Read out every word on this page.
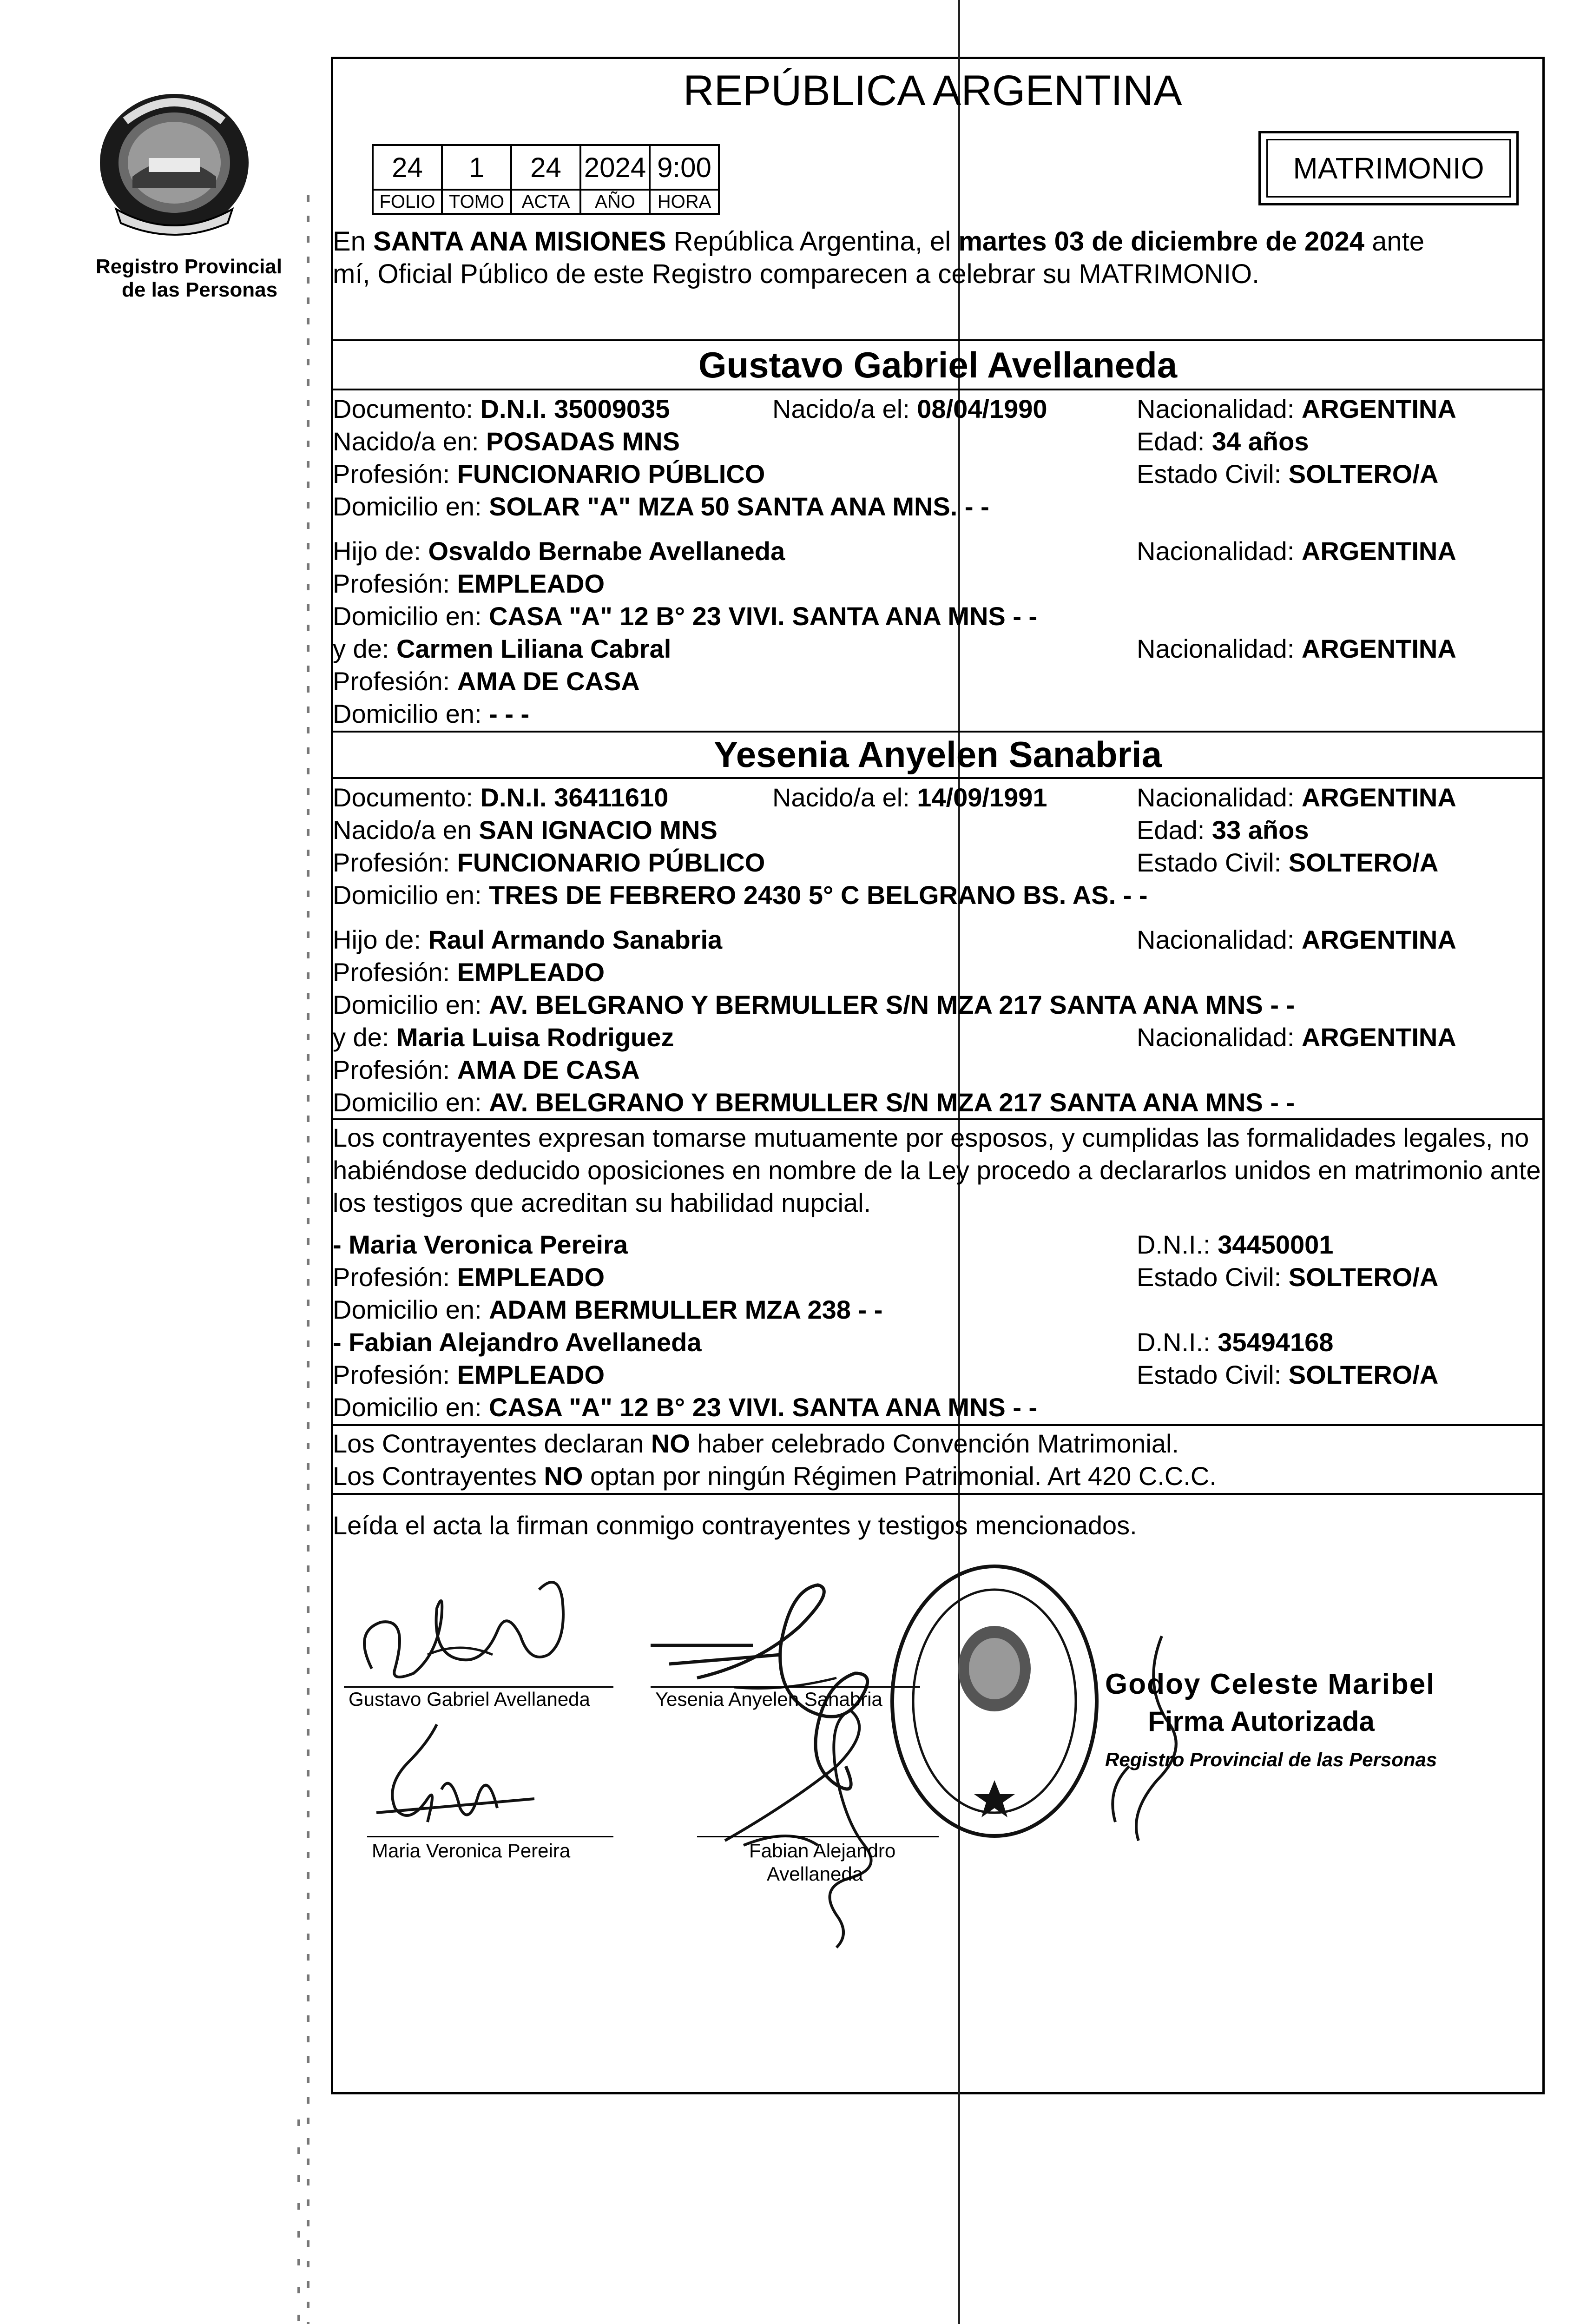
Registro Provincial
de las Personas
REPÚBLICA ARGENTINA
24	1	24	2024	9:00
FOLIO	TOMO	ACTA	AÑO	HORA
MATRIMONIO
En SANTA ANA MISIONES República Argentina, el martes 03 de diciembre de 2024 ante
mí, Oficial Público de este Registro comparecen a celebrar su MATRIMONIO.
Gustavo Gabriel Avellaneda
Documento: D.N.I. 35009035	Nacido/a el: 08/04/1990	Nacionalidad: ARGENTINA
Nacido/a en: POSADAS MNS	Edad: 34 años
Profesión: FUNCIONARIO PÚBLICO	Estado Civil: SOLTERO/A
Domicilio en: SOLAR "A" MZA 50 SANTA ANA MNS. - -
Hijo de: Osvaldo Bernabe Avellaneda	Nacionalidad: ARGENTINA
Profesión: EMPLEADO
Domicilio en: CASA "A" 12 B° 23 VIVI. SANTA ANA MNS - -
y de: Carmen Liliana Cabral	Nacionalidad: ARGENTINA
Profesión: AMA DE CASA
Domicilio en: - - -
Yesenia Anyelen Sanabria
Documento: D.N.I. 36411610	Nacido/a el: 14/09/1991	Nacionalidad: ARGENTINA
Nacido/a en SAN IGNACIO MNS	Edad: 33 años
Profesión: FUNCIONARIO PÚBLICO	Estado Civil: SOLTERO/A
Domicilio en: TRES DE FEBRERO 2430 5° C BELGRANO BS. AS. - -
Hijo de: Raul Armando Sanabria	Nacionalidad: ARGENTINA
Profesión: EMPLEADO
Domicilio en: AV. BELGRANO Y BERMULLER S/N MZA 217 SANTA ANA MNS - -
y de: Maria Luisa Rodriguez	Nacionalidad: ARGENTINA
Profesión: AMA DE CASA
Domicilio en: AV. BELGRANO Y BERMULLER S/N MZA 217 SANTA ANA MNS - -
Los contrayentes expresan tomarse mutuamente por esposos, y cumplidas las formalidades legales, no
habiéndose deducido oposiciones en nombre de la Ley procedo a declararlos unidos en matrimonio ante
los testigos que acreditan su habilidad nupcial.
- Maria Veronica Pereira	D.N.I.: 34450001
Profesión: EMPLEADO	Estado Civil: SOLTERO/A
Domicilio en: ADAM BERMULLER MZA 238 - -
- Fabian Alejandro Avellaneda	D.N.I.: 35494168
Profesión: EMPLEADO	Estado Civil: SOLTERO/A
Domicilio en: CASA "A" 12 B° 23 VIVI. SANTA ANA MNS - -
Los Contrayentes declaran NO haber celebrado Convención Matrimonial.
Los Contrayentes NO optan por ningún Régimen Patrimonial. Art 420 C.C.C.
Leída el acta la firman conmigo contrayentes y testigos mencionados.
Gustavo Gabriel Avellaneda	Yesenia Anyelen Sanabria
Maria Veronica Pereira	Fabian Alejandro
Avellaneda
Godoy Celeste Maribel
Firma Autorizada
Registro Provincial de las Personas
